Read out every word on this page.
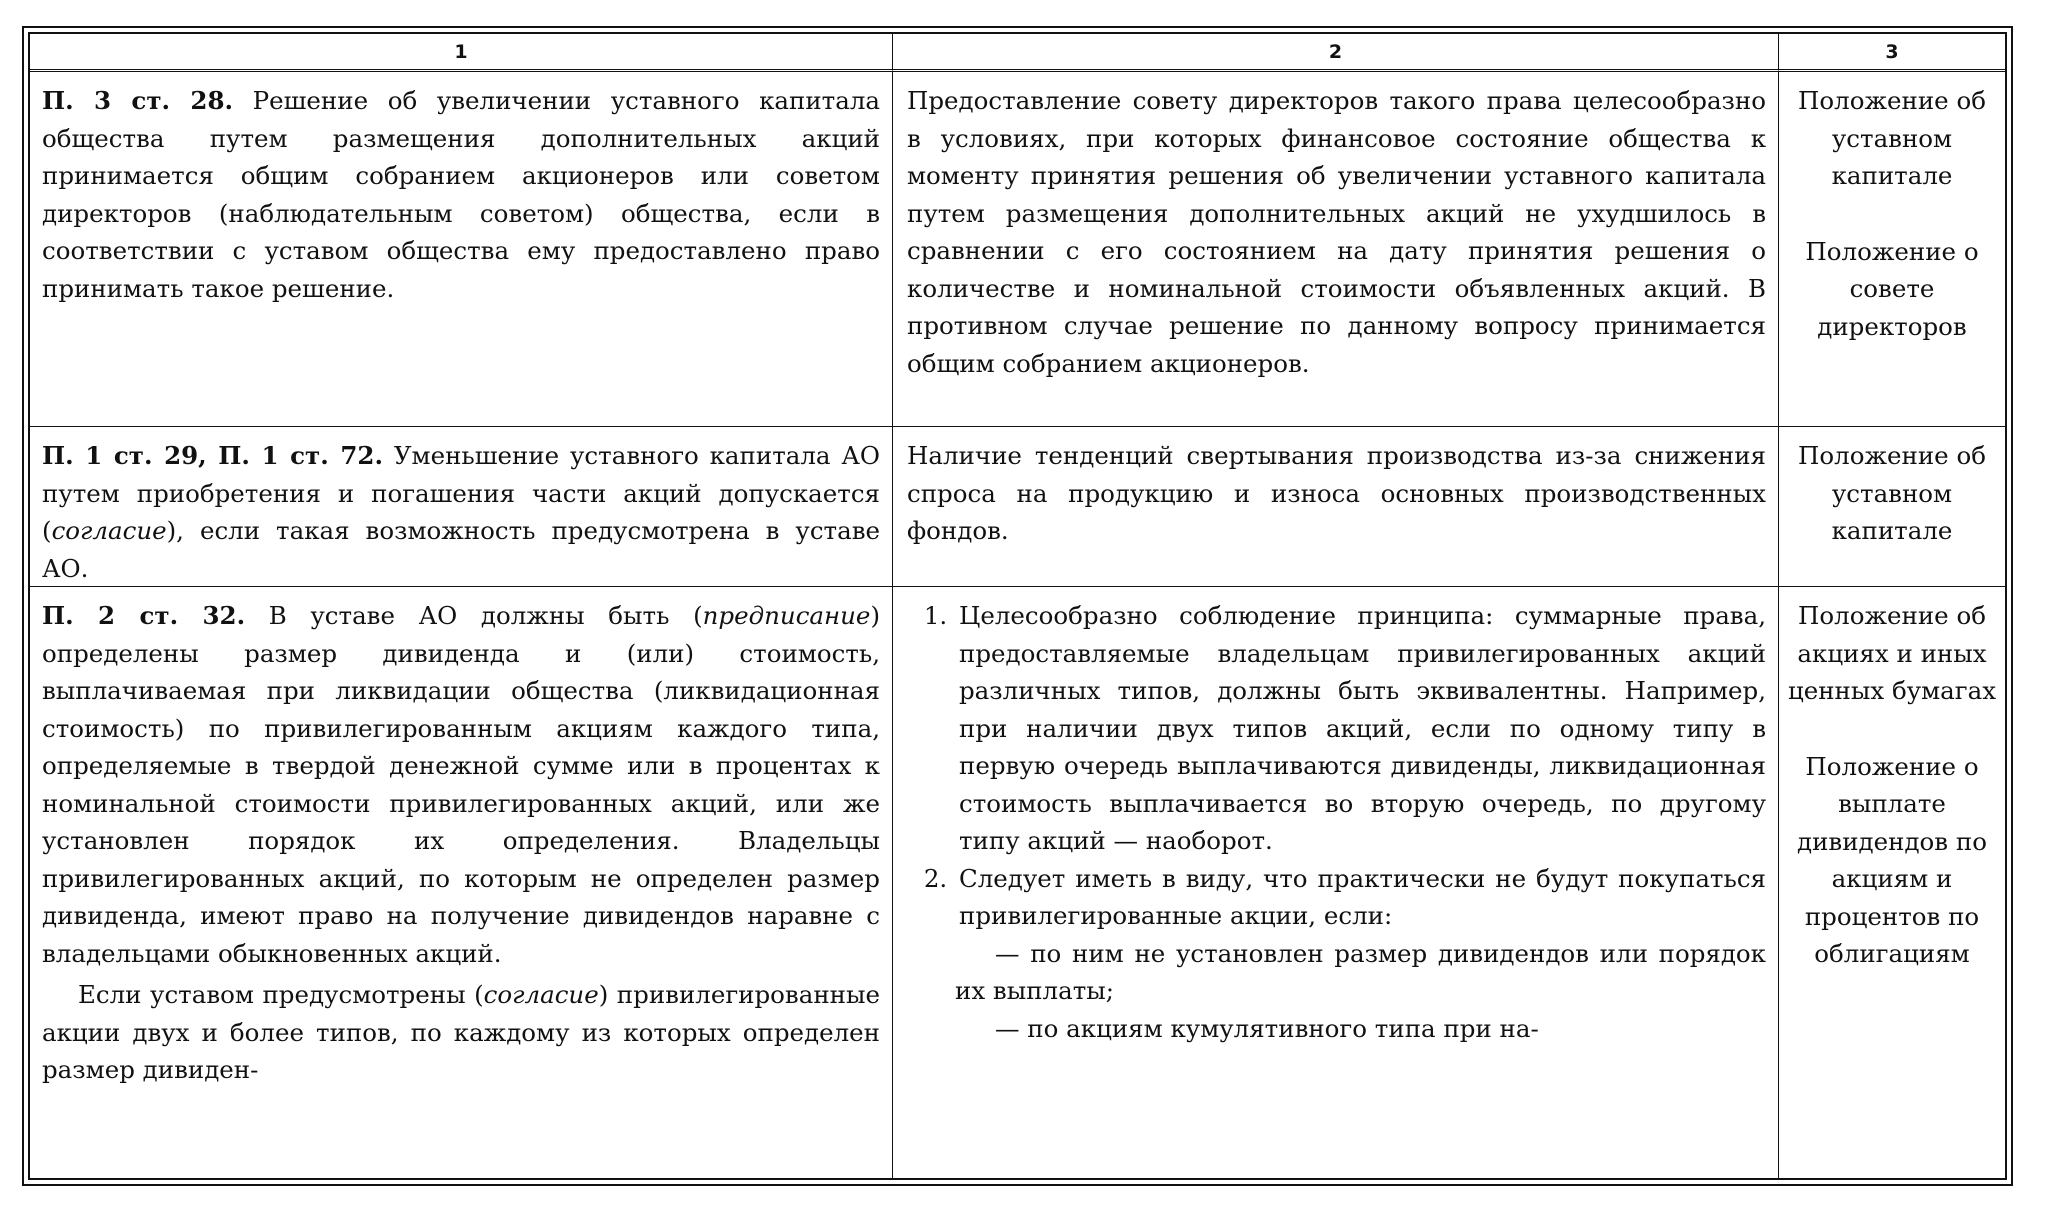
1	2	3

П. 3 ст. 28. Решение об увеличении уставного капитала общества путем размещения дополнительных акций принимается общим собранием акционеров или советом директоров (наблюдательным советом) общества, если в соответствии с уставом общества ему предоставлено право принимать такое решение.

Предоставление совету директоров такого права целесообразно в условиях, при которых финансовое состояние общества к моменту принятия решения об увеличении уставного капитала путем размещения дополнительных акций не ухудшилось в сравнении с его состоянием на дату принятия решения о количестве и номинальной стоимости объявленных акций. В противном случае решение по данному вопросу принимается общим собранием акционеров.

Положение об уставном капитале

Положение о совете директоров

П. 1 ст. 29, П. 1 ст. 72. Уменьшение уставного капитала АО путем приобретения и погашения части акций допускается (согласие), если такая возможность предусмотрена в уставе АО.

Наличие тенденций свертывания производства из-за снижения спроса на продукцию и износа основных производственных фондов.

Положение об уставном капитале

П. 2 ст. 32. В уставе АО должны быть (предписание) определены размер дивиденда и (или) стоимость, выплачиваемая при ликвидации общества (ликвидационная стоимость) по привилегированным акциям каждого типа, определяемые в твердой денежной сумме или в процентах к номинальной стоимости привилегированных акций, или же установлен порядок их определения. Владельцы привилегированных акций, по которым не определен размер дивиденда, имеют право на получение дивидендов наравне с владельцами обыкновенных акций.

Если уставом предусмотрены (согласие) привилегированные акции двух и более типов, по каждому из которых определен размер дивиден-

1. Целесообразно соблюдение принципа: суммарные права, предоставляемые владельцам привилегированных акций различных типов, должны быть эквивалентны. Например, при наличии двух типов акций, если по одному типу в первую очередь выплачиваются дивиденды, ликвидационная стоимость выплачивается во вторую очередь, по другому типу акций — наоборот.
2. Следует иметь в виду, что практически не будут покупаться привилегированные акции, если:

— по ним не установлен размер дивидендов или порядок их выплаты;

— по акциям кумулятивного типа при на-

Положение об акциях и иных ценных бумагах

Положение о выплате дивидендов по акциям и процентов по облигациям
